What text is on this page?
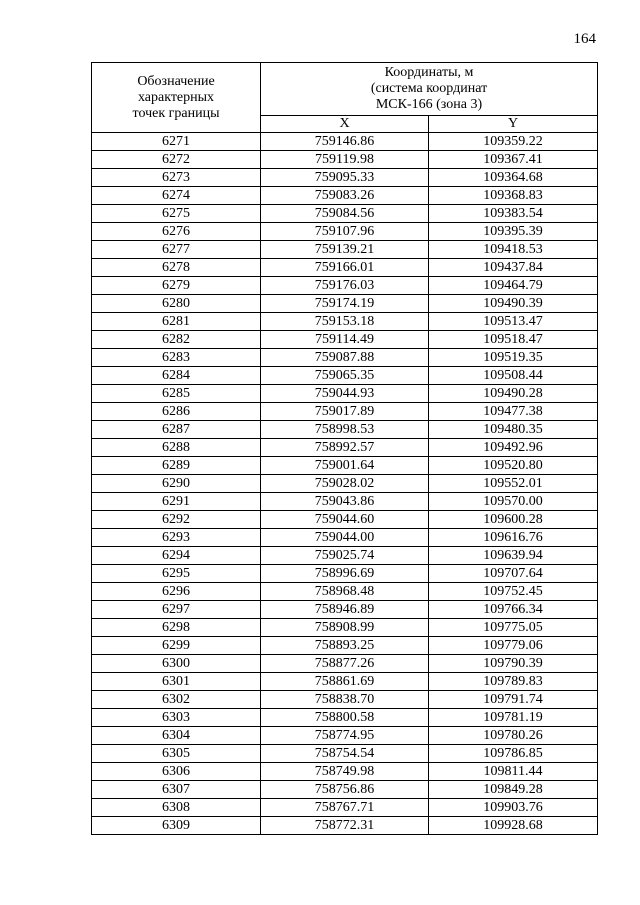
164
Обозначение
характерных
точек границы	Координаты, м
(система координат
МСК-166 (зона 3)	

	X	Y
6271	759146.86	109359.22
6272	759119.98	109367.41
6273	759095.33	109364.68
6274	759083.26	109368.83
6275	759084.56	109383.54
6276	759107.96	109395.39
6277	759139.21	109418.53
6278	759166.01	109437.84
6279	759176.03	109464.79
6280	759174.19	109490.39
6281	759153.18	109513.47
6282	759114.49	109518.47
6283	759087.88	109519.35
6284	759065.35	109508.44
6285	759044.93	109490.28
6286	759017.89	109477.38
6287	758998.53	109480.35
6288	758992.57	109492.96
6289	759001.64	109520.80
6290	759028.02	109552.01
6291	759043.86	109570.00
6292	759044.60	109600.28
6293	759044.00	109616.76
6294	759025.74	109639.94
6295	758996.69	109707.64
6296	758968.48	109752.45
6297	758946.89	109766.34
6298	758908.99	109775.05
6299	758893.25	109779.06
6300	758877.26	109790.39
6301	758861.69	109789.83
6302	758838.70	109791.74
6303	758800.58	109781.19
6304	758774.95	109780.26
6305	758754.54	109786.85
6306	758749.98	109811.44
6307	758756.86	109849.28
6308	758767.71	109903.76
6309	758772.31	109928.68
